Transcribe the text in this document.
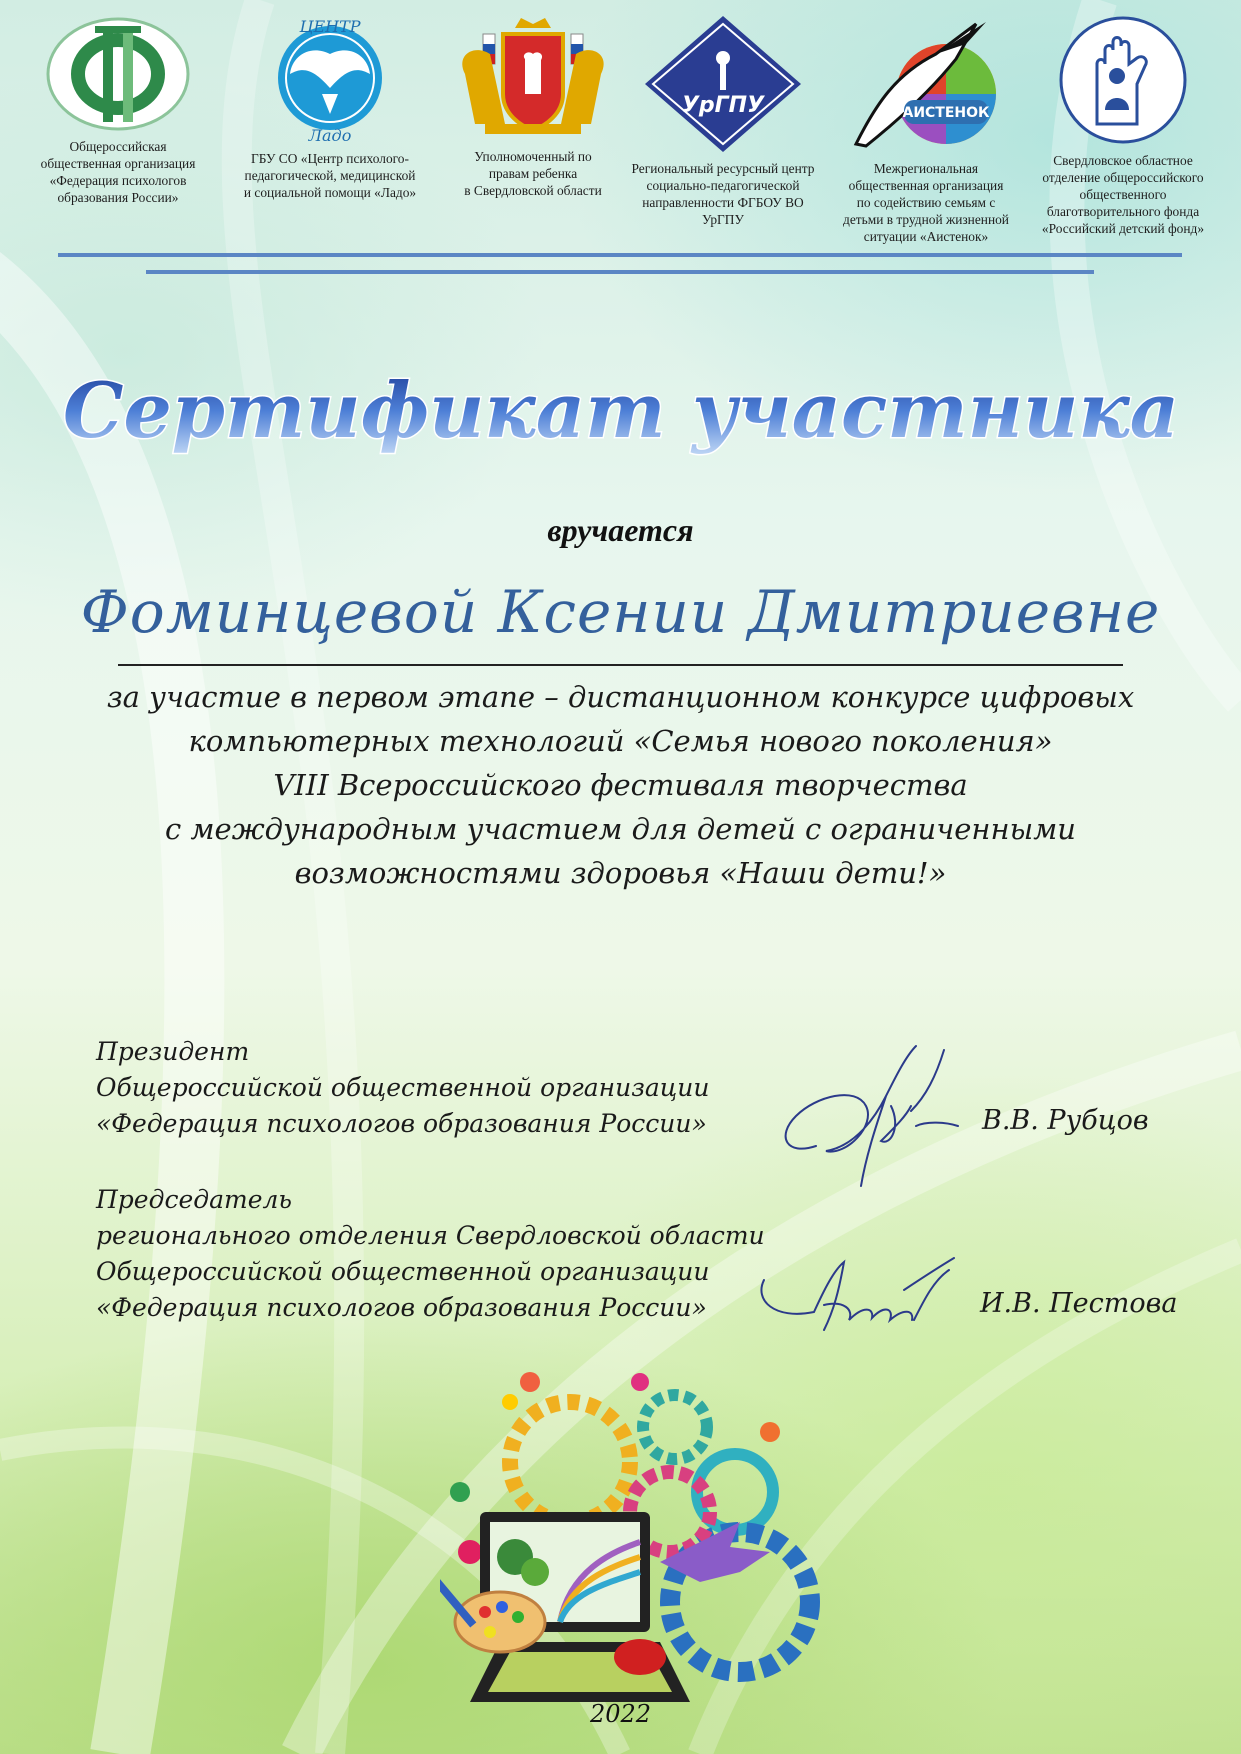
Общероссийская
общественная организация
«Федерация психологов
образования России»
ЦЕНТР
Ладо
ГБУ СО «Центр психолого-
педагогической, медицинской
и социальной помощи «Ладо»
Уполномоченный по
правам ребенка
в Свердловской области
УрГПУ
Региональный ресурсный центр
социально-педагогической
направленности ФГБОУ ВО
УрГПУ
АИСТЕНОК
Межрегиональная
общественная организация
по содействию семьям с
детьми в трудной жизненной
ситуации «Аистенок»
Свердловское областное
отделение общероссийского
общественного
благотворительного фонда
«Российский детский фонд»
Сертификат участника
вручается
Фоминцевой Ксении Дмитриевне
за участие в первом этапе – дистанционном конкурсе цифровых
компьютерных технологий «Семья нового поколения»
VIII Всероссийского фестиваля творчества
с международным участием для детей с ограниченными
возможностями здоровья «Наши дети!»
Президент
Общероссийской общественной организации
«Федерация психологов образования России»	В.В. Рубцов
Председатель
регионального отделения Свердловской области
Общероссийской общественной организации
«Федерация психологов образования России»	И.В. Пестова
2022
